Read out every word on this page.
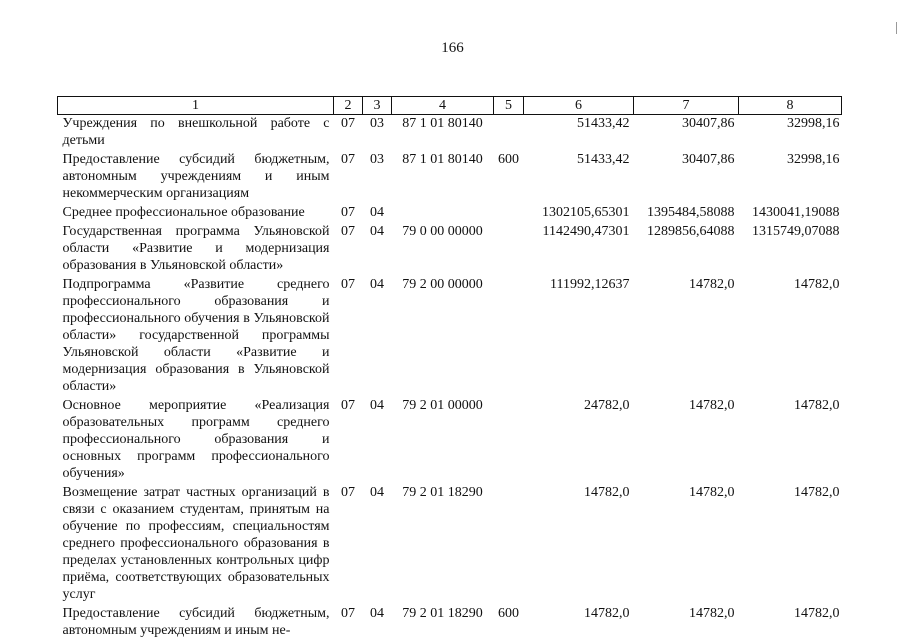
166
1	2	3	4	5	6	7	8
Учреждения по внешкольной работе с детьми	07	03	87 1 01 80140		51433,42	30407,86	32998,16
Предоставление субсидий бюджетным, автономным учреждениям и иным некоммерческим организациям	07	03	87 1 01 80140	600	51433,42	30407,86	32998,16
Среднее профессиональное образование	07	04			1302105,65301	1395484,58088	1430041,19088
Государственная программа Ульяновской области «Развитие и модернизация образования в Ульяновской области»	07	04	79 0 00 00000		1142490,47301	1289856,64088	1315749,07088
Подпрограмма «Развитие среднего профессионального образования и профессионального обучения в Ульяновской области» государственной программы Ульяновской области «Развитие и модернизация образования в Ульяновской области»	07	04	79 2 00 00000		111992,12637	14782,0	14782,0
Основное мероприятие «Реализация образовательных программ среднего профессионального образования и основных программ профессионального обучения»	07	04	79 2 01 00000		24782,0	14782,0	14782,0
Возмещение затрат частных организаций в связи с оказанием студентам, принятым на обучение по профессиям, специальностям среднего профессионального образования в пределах установленных контрольных цифр приёма, соответствующих образовательных услуг	07	04	79 2 01 18290		14782,0	14782,0	14782,0
Предоставление субсидий бюджетным, автономным учреждениям и иным не-	07	04	79 2 01 18290	600	14782,0	14782,0	14782,0
